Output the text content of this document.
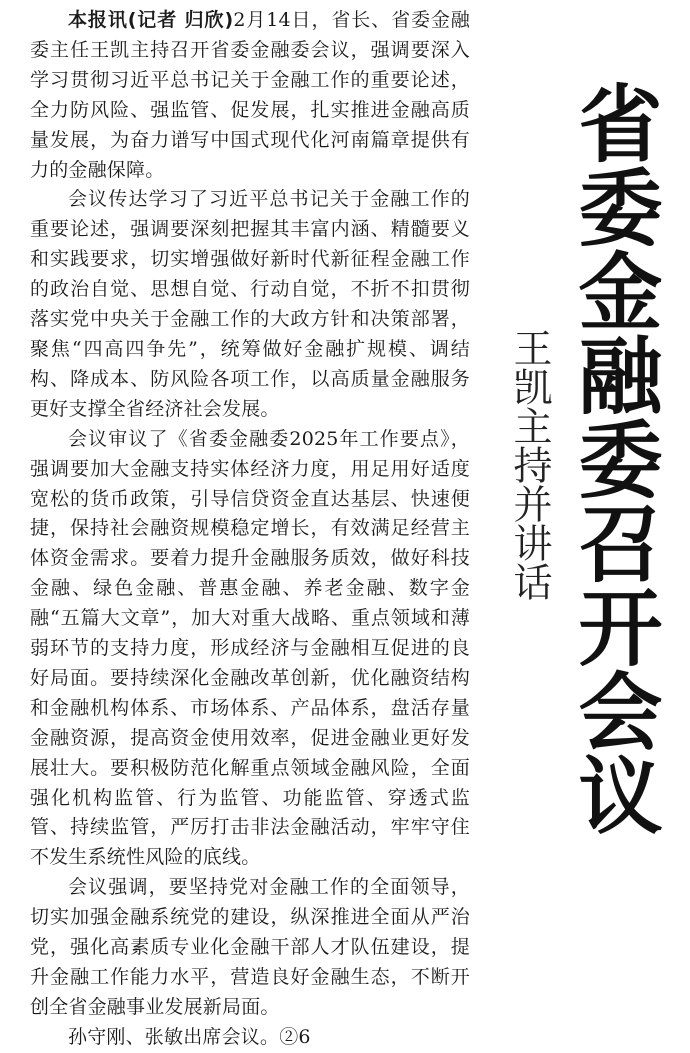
本报讯(记者 归欣)2月14日，省长、省委金融委主任王凯主持召开省委金融委会议，强调要深入学习贯彻习近平总书记关于金融工作的重要论述，全力防风险、强监管、促发展，扎实推进金融高质量发展，为奋力谱写中国式现代化河南篇章提供有力的金融保障。

会议传达学习了习近平总书记关于金融工作的重要论述，强调要深刻把握其丰富内涵、精髓要义和实践要求，切实增强做好新时代新征程金融工作的政治自觉、思想自觉、行动自觉，不折不扣贯彻落实党中央关于金融工作的大政方针和决策部署，聚焦“四高四争先”，统筹做好金融扩规模、调结构、降成本、防风险各项工作，以高质量金融服务更好支撑全省经济社会发展。

会议审议了《省委金融委2025年工作要点》，强调要加大金融支持实体经济力度，用足用好适度宽松的货币政策，引导信贷资金直达基层、快速便捷，保持社会融资规模稳定增长，有效满足经营主体资金需求。要着力提升金融服务质效，做好科技金融、绿色金融、普惠金融、养老金融、数字金融“五篇大文章”，加大对重大战略、重点领域和薄弱环节的支持力度，形成经济与金融相互促进的良好局面。要持续深化金融改革创新，优化融资结构和金融机构体系、市场体系、产品体系，盘活存量金融资源，提高资金使用效率，促进金融业更好发展壮大。要积极防范化解重点领域金融风险，全面强化机构监管、行为监管、功能监管、穿透式监管、持续监管，严厉打击非法金融活动，牢牢守住不发生系统性风险的底线。

会议强调，要坚持党对金融工作的全面领导，切实加强金融系统党的建设，纵深推进全面从严治党，强化高素质专业化金融干部人才队伍建设，提升金融工作能力水平，营造良好金融生态，不断开创全省金融事业发展新局面。

孙守刚、张敏出席会议。②6

王凯主持并讲话 省委金融委召开会议
